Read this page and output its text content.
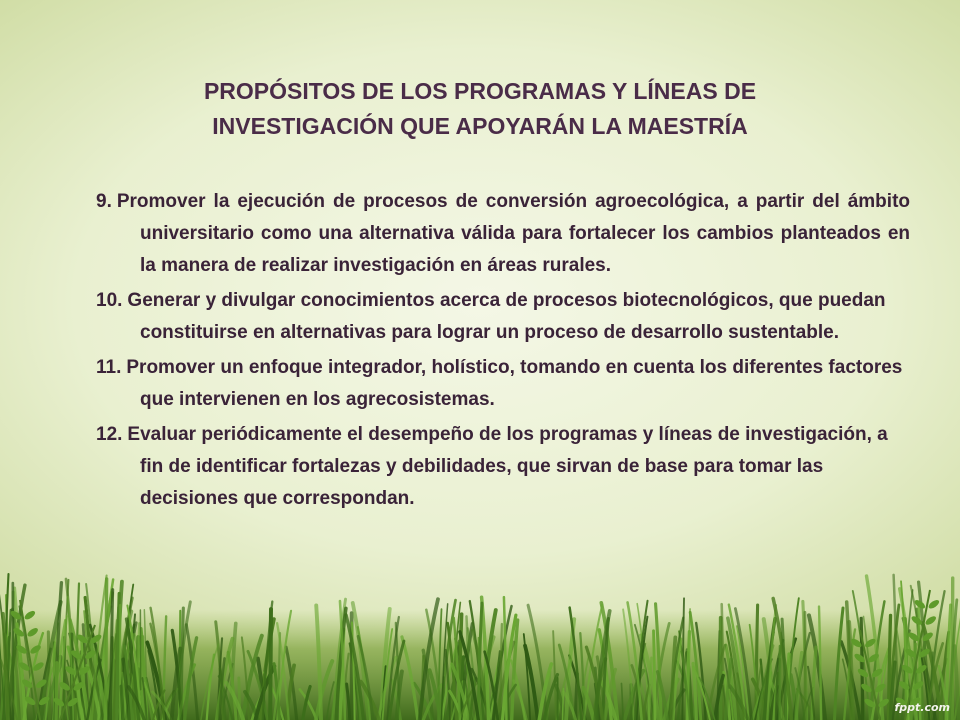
PROPÓSITOS DE LOS PROGRAMAS Y LÍNEAS DE
INVESTIGACIÓN QUE APOYARÁN LA MAESTRÍA
9. Promover la ejecución de procesos de conversión agroecológica, a partir del ámbito universitario como una alternativa válida para fortalecer los cambios planteados en la manera de realizar investigación en áreas rurales.
10. Generar y divulgar conocimientos acerca de procesos biotecnológicos, que puedan constituirse en alternativas para lograr un proceso de desarrollo sustentable.
11. Promover un enfoque integrador, holístico, tomando en cuenta los diferentes factores que intervienen en los agrecosistemas.
12. Evaluar periódicamente el desempeño de los programas y líneas de investigación, a fin de identificar fortalezas y debilidades, que sirvan de base para tomar las decisiones que correspondan.
fppt.com
